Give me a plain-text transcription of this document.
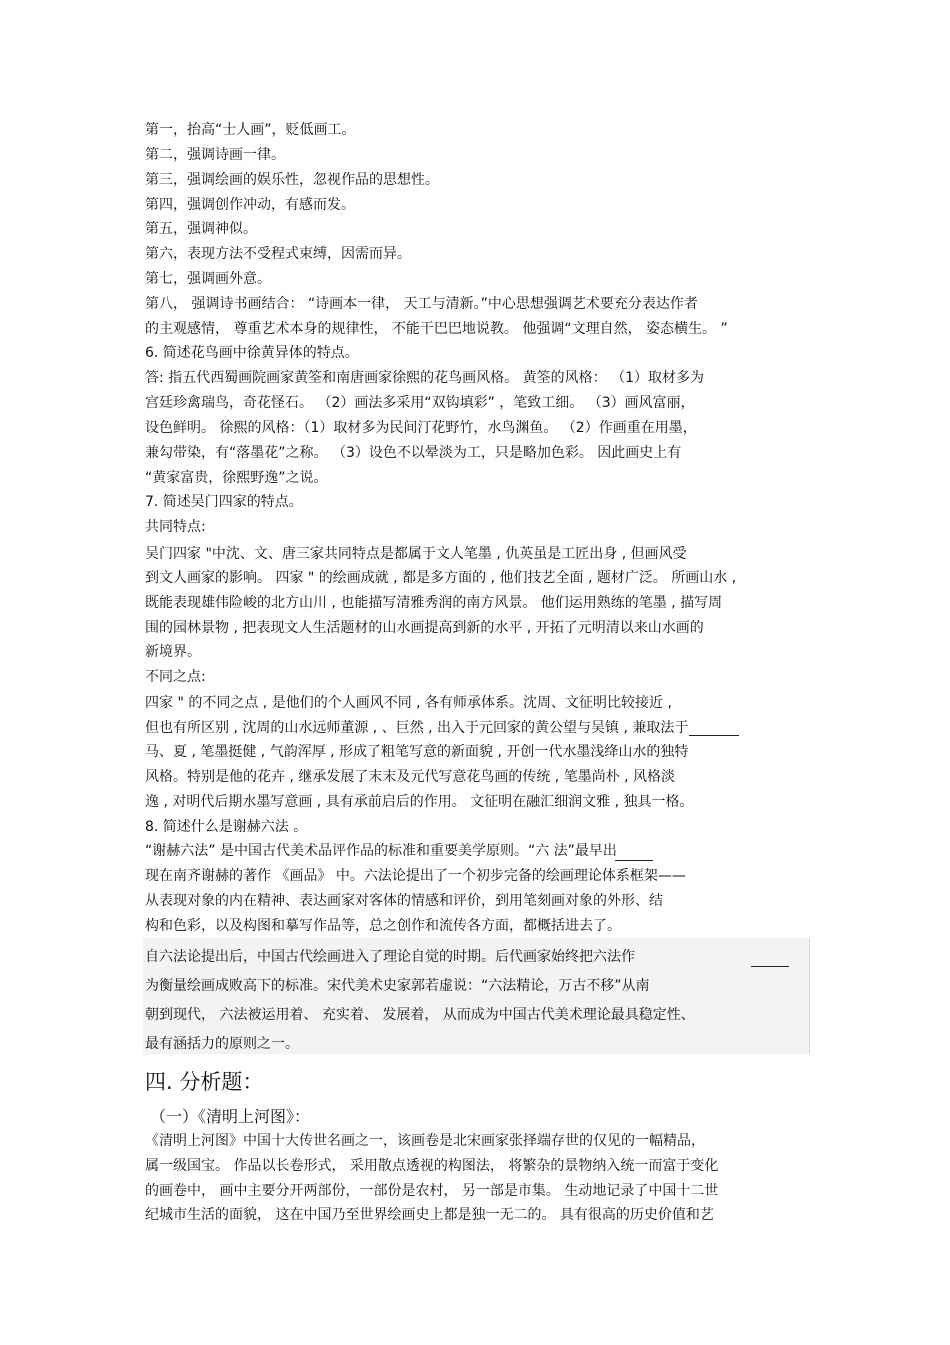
第一，抬高“士人画”，贬低画工。
第二，强调诗画一律。
第三，强调绘画的娱乐性，忽视作品的思想性。
第四，强调创作冲动，有感而发。
第五，强调神似。
第六，表现方法不受程式束缚，因需而异。
第七，强调画外意。
第八， 强调诗书画结合： “诗画本一律， 天工与清新。”中心思想强调艺术要充分表达作者
的主观感情， 尊重艺术本身的规律性， 不能干巴巴地说教。 他强调“文理自然， 姿态横生。 ”
6. 简述花鸟画中徐黄异体的特点。
答: 指五代西蜀画院画家黄筌和南唐画家徐熙的花鸟画风格。 黄筌的风格： （1）取材多为
宫廷珍禽瑞鸟，奇花怪石。 （2）画法多采用“双钩填彩” ，笔致工细。 （3）画风富丽，
设色鲜明。 徐熙的风格：（1）取材多为民间汀花野竹，水鸟渊鱼。 （2）作画重在用墨，
兼勾带染，有“落墨花”之称。 （3）设色不以晕淡为工，只是略加色彩。 因此画史上有
“黄家富贵，徐熙野逸”之说。
7. 简述吴门四家的特点。
共同特点:
吴门四家 "中沈、文、唐三家共同特点是都属于文人笔墨 , 仇英虽是工匠出身 , 但画风受
到文人画家的影响。 四家 " 的绘画成就 , 都是多方面的 , 他们技艺全面 , 题材广泛。 所画山水 ,
既能表现雄伟险峻的北方山川 , 也能描写清雅秀润的南方风景。 他们运用熟练的笔墨 , 描写周
围的园林景物 , 把表现文人生活题材的山水画提高到新的水平 , 开拓了元明清以来山水画的
新境界。
不同之点:
四家 " 的不同之点 , 是他们的个人画风不同 , 各有师承体系。沈周、文征明比较接近 ,
但也有所区别 , 沈周的山水远师董源 , 、巨然 , 出入于元回家的黄公望与吴镇 , 兼取法于
马、夏 , 笔墨挺健 , 气韵浑厚 , 形成了粗笔写意的新面貌 , 开创一代水墨浅绛山水的独特
风格。特别是他的花卉 , 继承发展了末末及元代写意花鸟画的传统 , 笔墨尚朴 , 风格淡
逸 , 对明代后期水墨写意画 , 具有承前启后的作用。 文征明在融汇细润文雅 , 独具一格。
8. 简述什么是谢赫六法 。
“谢赫六法” 是中国古代美术品评作品的标准和重要美学原则。“六 法”最早出
现在南齐谢赫的著作 《画品》 中。六法论提出了一个初步完备的绘画理论体系框架——
从表现对象的内在精神、表达画家对客体的情感和评价，到用笔刻画对象的外形、结
构和色彩，以及构图和摹写作品等，总之创作和流传各方面，都概括进去了。
自六法论提出后，中国古代绘画进入了理论自觉的时期。后代画家始终把六法作
为衡量绘画成败高下的标准。宋代美术史家郭若虚说：“六法精论，万古不移”从南
朝到现代， 六法被运用着、 充实着、 发展着， 从而成为中国古代美术理论最具稳定性、
最有涵括力的原则之一。
《清明上河图》中国十大传世名画之一，该画卷是北宋画家张择端存世的仅见的一幅精品，
属一级国宝。 作品以长卷形式， 采用散点透视的构图法， 将繁杂的景物纳入统一而富于变化
的画卷中， 画中主要分开两部份，一部份是农村， 另一部是市集。 生动地记录了中国十二世
纪城市生活的面貌， 这在中国乃至世界绘画史上都是独一无二的。 具有很高的历史价值和艺
四. 分析题：
（一）《清明上河图》：
